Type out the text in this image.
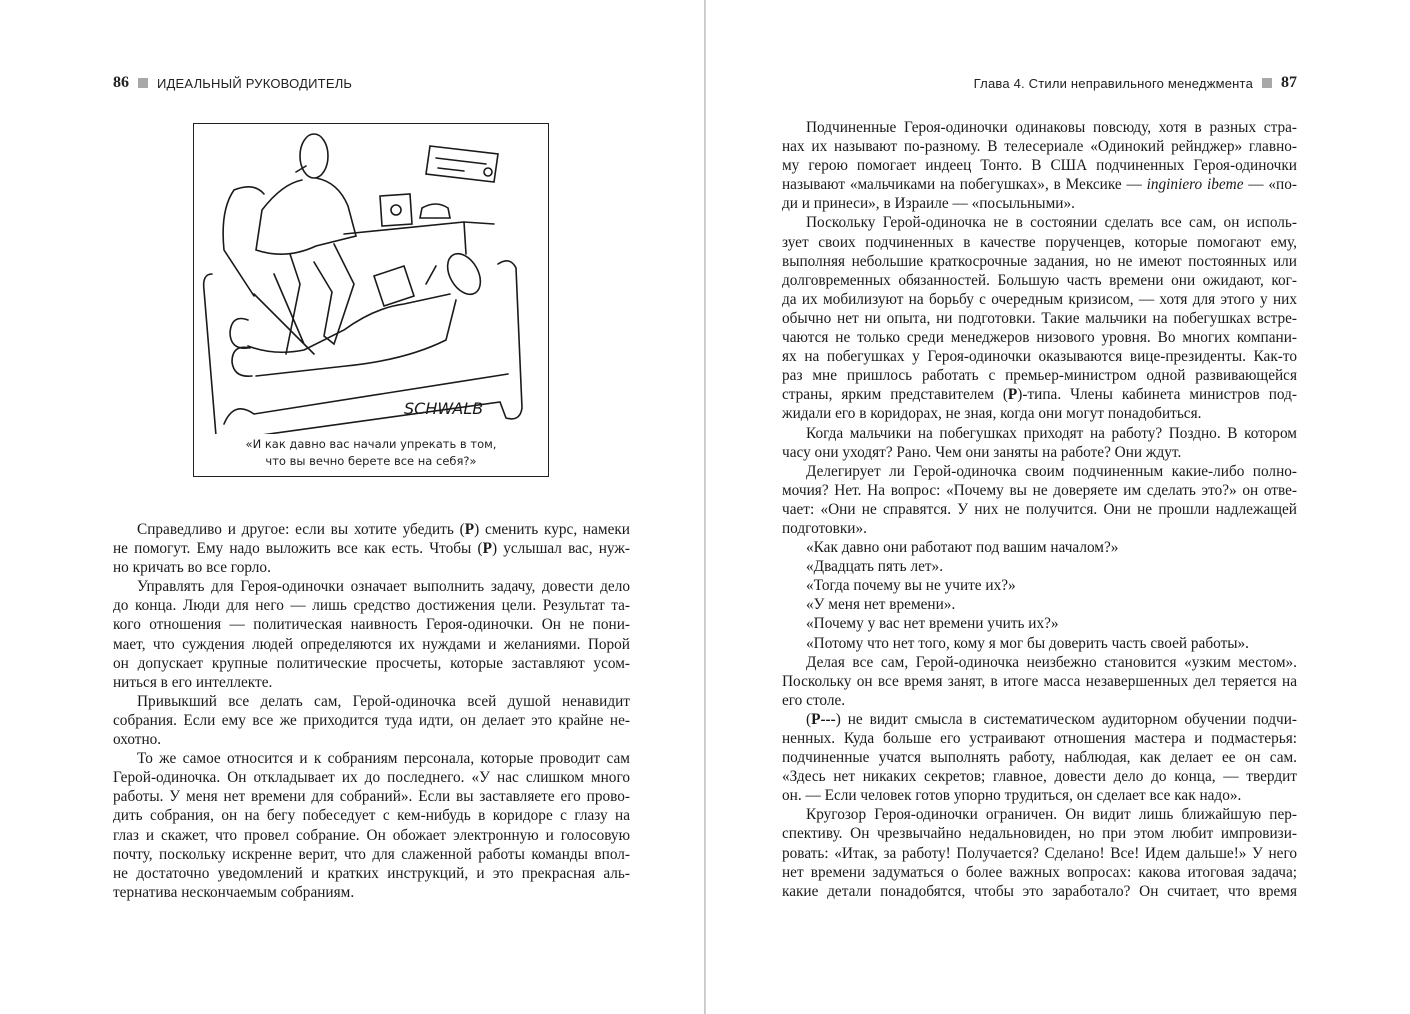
86 ИДЕАЛЬНЫЙ РУКОВОДИТЕЛЬ	Глава 4. Стили неправильного менеджмента 87
SCHWALB
«И как давно вас начали упрекать в том,
что вы вечно берете все на себя?»
Справедливо и другое: если вы хотите убедить (Р) сменить курс, намеки
не помогут. Ему надо выложить все как есть. Чтобы (Р) услышал вас, нуж-
но кричать во все горло.
Управлять для Героя-одиночки означает выполнить задачу, довести дело
до конца. Люди для него — лишь средство достижения цели. Результат та-
кого отношения — политическая наивность Героя-одиночки. Он не пони-
мает, что суждения людей определяются их нуждами и желаниями. Порой
он допускает крупные политические просчеты, которые заставляют усом-
ниться в его интеллекте.
Привыкший все делать сам, Герой-одиночка всей душой ненавидит
собрания. Если ему все же приходится туда идти, он делает это крайне не-
охотно.
То же самое относится и к собраниям персонала, которые проводит сам
Герой-одиночка. Он откладывает их до последнего. «У нас слишком много
работы. У меня нет времени для собраний». Если вы заставляете его прово-
дить собрания, он на бегу побеседует с кем-нибудь в коридоре с глазу на
глаз и скажет, что провел собрание. Он обожает электронную и голосовую
почту, поскольку искренне верит, что для слаженной работы команды впол-
не достаточно уведомлений и кратких инструкций, и это прекрасная аль-
тернатива нескончаемым собраниям.
Подчиненные Героя-одиночки одинаковы повсюду, хотя в разных стра-
нах их называют по-разному. В телесериале «Одинокий рейнджер» главно-
му герою помогает индеец Тонто. В США подчиненных Героя-одиночки
называют «мальчиками на побегушках», в Мексике — inginiero ibeme — «по-
ди и принеси», в Израиле — «посыльными».
Поскольку Герой-одиночка не в состоянии сделать все сам, он исполь-
зует своих подчиненных в качестве порученцев, которые помогают ему,
выполняя небольшие краткосрочные задания, но не имеют постоянных или
долговременных обязанностей. Большую часть времени они ожидают, ког-
да их мобилизуют на борьбу с очередным кризисом, — хотя для этого у них
обычно нет ни опыта, ни подготовки. Такие мальчики на побегушках встре-
чаются не только среди менеджеров низового уровня. Во многих компани-
ях на побегушках у Героя-одиночки оказываются вице-президенты. Как-то
раз мне пришлось работать с премьер-министром одной развивающейся
страны, ярким представителем (Р)-типа. Члены кабинета министров под-
жидали его в коридорах, не зная, когда они могут понадобиться.
Когда мальчики на побегушках приходят на работу? Поздно. В котором
часу они уходят? Рано. Чем они заняты на работе? Они ждут.
Делегирует ли Герой-одиночка своим подчиненным какие-либо полно-
мочия? Нет. На вопрос: «Почему вы не доверяете им сделать это?» он отве-
чает: «Они не справятся. У них не получится. Они не прошли надлежащей
подготовки».
«Как давно они работают под вашим началом?»
«Двадцать пять лет».
«Тогда почему вы не учите их?»
«У меня нет времени».
«Почему у вас нет времени учить их?»
«Потому что нет того, кому я мог бы доверить часть своей работы».
Делая все сам, Герой-одиночка неизбежно становится «узким местом».
Поскольку он все время занят, в итоге масса незавершенных дел теряется на
его столе.
(Р---) не видит смысла в систематическом аудиторном обучении подчи-
ненных. Куда больше его устраивают отношения мастера и подмастерья:
подчиненные учатся выполнять работу, наблюдая, как делает ее он сам.
«Здесь нет никаких секретов; главное, довести дело до конца, — твердит
он. — Если человек готов упорно трудиться, он сделает все как надо».
Кругозор Героя-одиночки ограничен. Он видит лишь ближайшую пер-
спективу. Он чрезвычайно недальновиден, но при этом любит импровизи-
ровать: «Итак, за работу! Получается? Сделано! Все! Идем дальше!» У него
нет времени задуматься о более важных вопросах: какова итоговая задача;
какие детали понадобятся, чтобы это заработало? Он считает, что время
